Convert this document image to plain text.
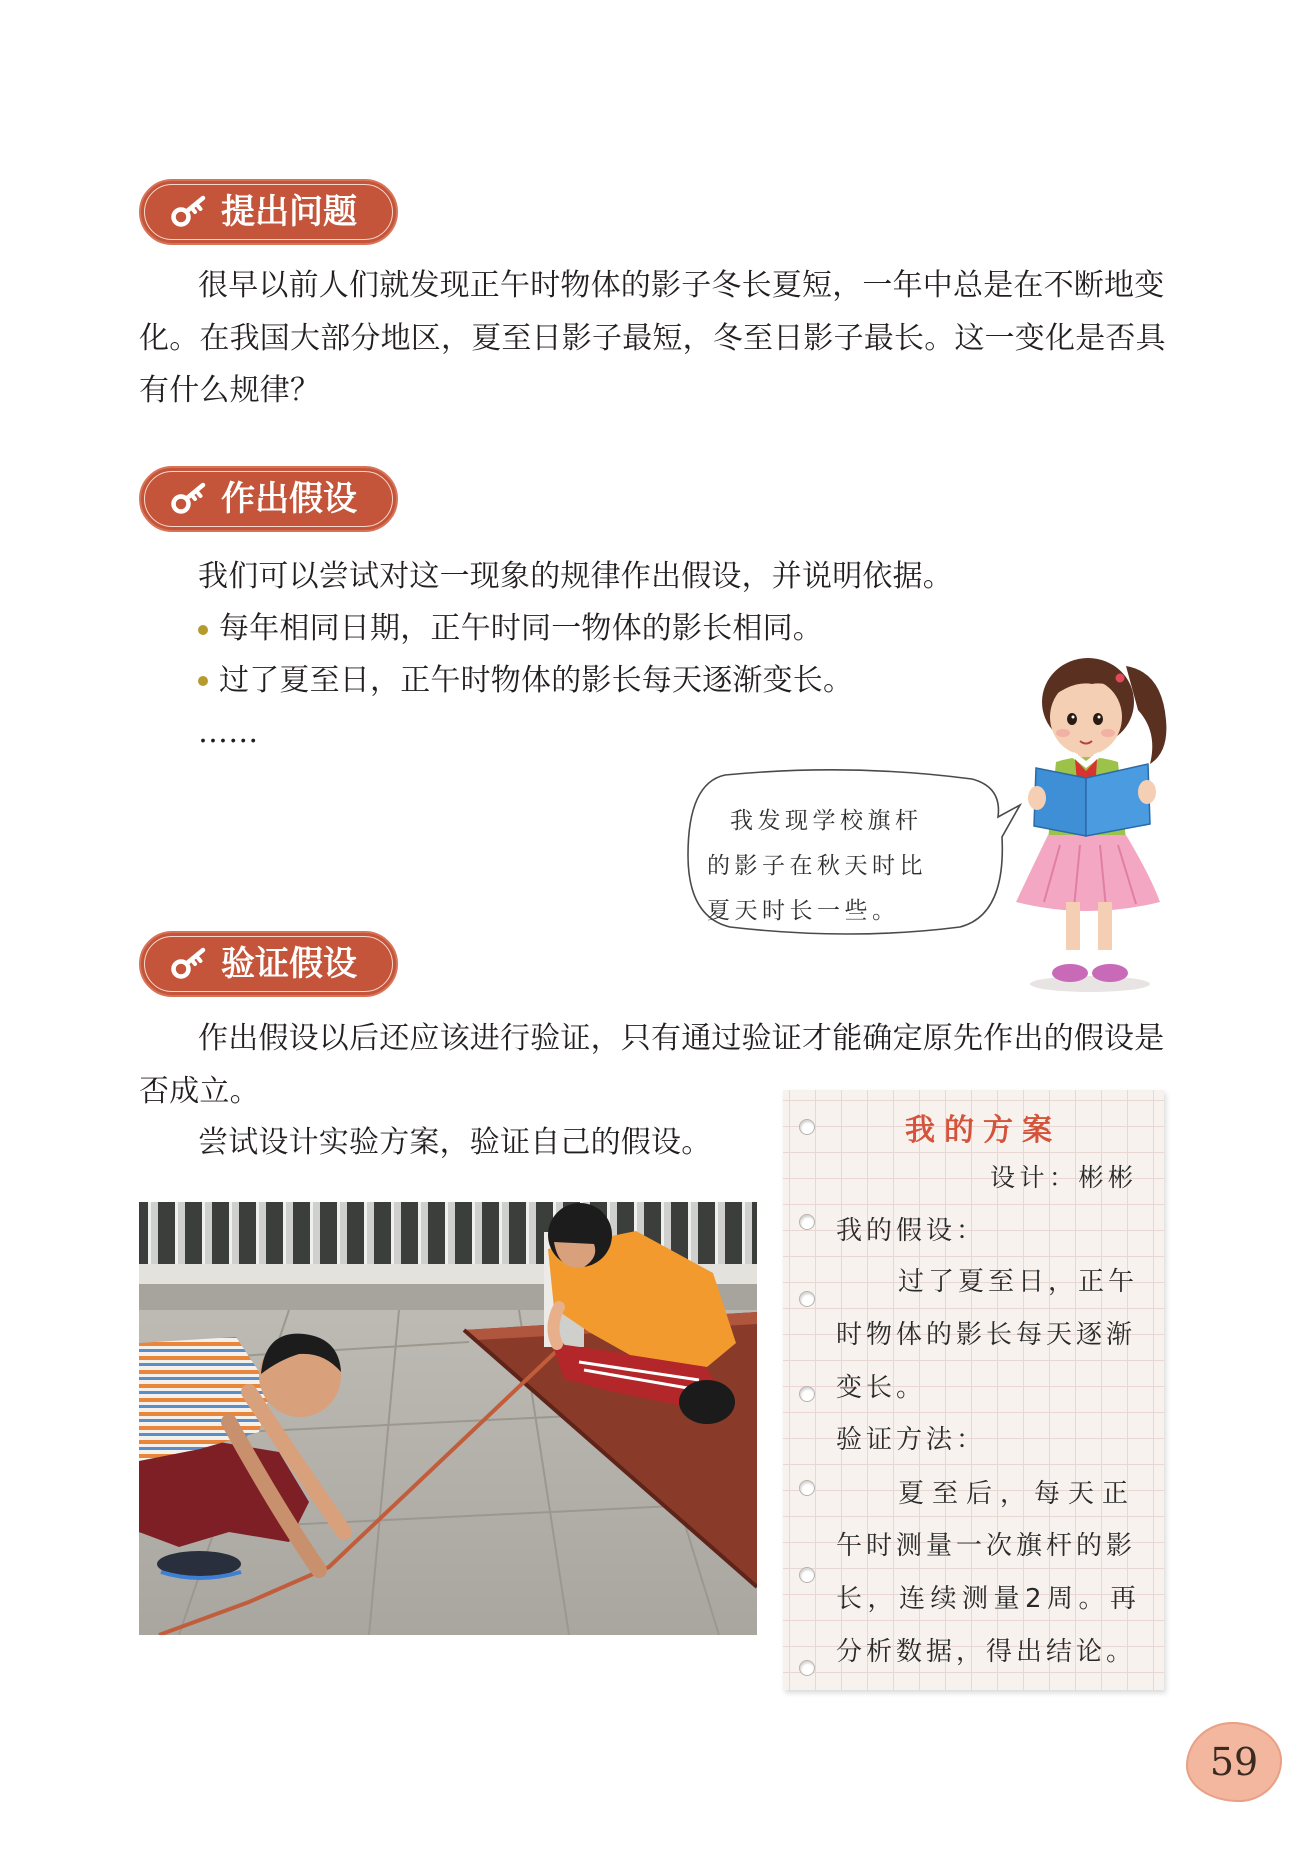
提出问题
很早以前人们就发现正午时物体的影子冬长夏短，一年中总是在不断地变
化。在我国大部分地区，夏至日影子最短，冬至日影子最长。这一变化是否具
有什么规律？
作出假设
我们可以尝试对这一现象的规律作出假设，并说明依据。
每年相同日期，正午时同一物体的影长相同。
过了夏至日，正午时物体的影长每天逐渐变长。
……
我发现学校旗杆
的影子在秋天时比
夏天时长一些。
验证假设
作出假设以后还应该进行验证，只有通过验证才能确定原先作出的假设是
否成立。
尝试设计实验方案，验证自己的假设。	我的方案
设计：彬彬
我的假设：
过了夏至日，正午
时物体的影长每天逐渐
变长。
验证方法：
夏至后，每天正
午时测量一次旗杆的影
长，连续测量2周。再
分析数据，得出结论。
59
